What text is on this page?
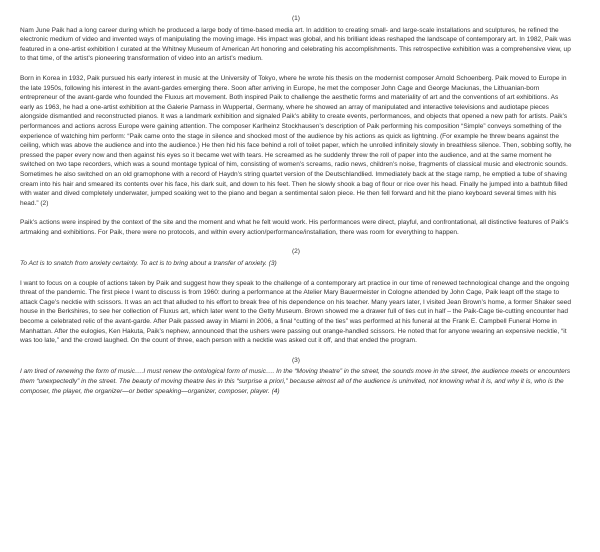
(1)

Nam June Paik had a long career during which he produced a large body of time-based media art. In addition to creating small- and large-scale installations and sculptures, he refined the electronic medium of video and invented ways of manipulating the moving image. His impact was global, and his brilliant ideas reshaped the landscape of contemporary art. In 1982, Paik was featured in a one-artist exhibition I curated at the Whitney Museum of American Art honoring and celebrating his accomplishments. This retrospective exhibition was a comprehensive view, up to that time, of the artist’s pioneering transformation of video into an artist’s medium.

Born in Korea in 1932, Paik pursued his early interest in music at the University of Tokyo, where he wrote his thesis on the modernist composer Arnold Schoenberg. Paik moved to Europe in the late 1950s, following his interest in the avant-gardes emerging there. Soon after arriving in Europe, he met the composer John Cage and George Maciunas, the Lithuanian-born entrepreneur of the avant-garde who founded the Fluxus art movement. Both inspired Paik to challenge the aesthetic forms and materiality of art and the conventions of art exhibitions. As early as 1963, he had a one-artist exhibition at the Galerie Parnass in Wuppertal, Germany, where he showed an array of manipulated and interactive televisions and audiotape pieces alongside dismantled and reconstructed pianos. It was a landmark exhibition and signaled Paik’s ability to create events, performances, and objects that opened a new path for artists. Paik’s performances and actions across Europe were gaining attention. The composer Karlheinz Stockhausen’s description of Paik performing his composition “Simple” conveys something of the experience of watching him perform: “Paik came onto the stage in silence and shocked most of the audience by his actions as quick as lightning. (For example he threw beans against the ceiling, which was above the audience and into the audience.) He then hid his face behind a roll of toilet paper, which he unrolled infinitely slowly in breathless silence. Then, sobbing softly, he pressed the paper every now and then against his eyes so it became wet with tears. He screamed as he suddenly threw the roll of paper into the audience, and at the same moment he switched on two tape recorders, which was a sound montage typical of him, consisting of women’s screams, radio news, children’s noise, fragments of classical music and electronic sounds. Sometimes he also switched on an old gramophone with a record of Haydn’s string quartet version of the Deutschlandlied. Immediately back at the stage ramp, he emptied a tube of shaving cream into his hair and smeared its contents over his face, his dark suit, and down to his feet. Then he slowly shook a bag of flour or rice over his head. Finally he jumped into a bathtub filled with water and dived completely underwater, jumped soaking wet to the piano and began a sentimental salon piece. He then fell forward and hit the piano keyboard several times with his head.” (2)

Paik’s actions were inspired by the context of the site and the moment and what he felt would work. His performances were direct, playful, and confrontational, all distinctive features of Paik’s artmaking and exhibitions. For Paik, there were no protocols, and within every action/performance/installation, there was room for everything to happen.

(2)

To Act is to snatch from anxiety certainty. To act is to bring about a transfer of anxiety. (3)

I want to focus on a couple of actions taken by Paik and suggest how they speak to the challenge of a contemporary art practice in our time of renewed technological change and the ongoing threat of the pandemic. The first piece I want to discuss is from 1960: during a performance at the Atelier Mary Bauermeister in Cologne attended by John Cage, Paik leapt off the stage to attack Cage’s necktie with scissors. It was an act that alluded to his effort to break free of his dependence on his teacher. Many years later, I visited Jean Brown’s home, a former Shaker seed house in the Berkshires, to see her collection of Fluxus art, which later went to the Getty Museum. Brown showed me a drawer full of ties cut in half – the Paik-Cage tie-cutting encounter had become a celebrated relic of the avant-garde. After Paik passed away in Miami in 2006, a final “cutting of the ties” was performed at his funeral at the Frank E. Campbell Funeral Home in Manhattan. After the eulogies, Ken Hakuta, Paik’s nephew, announced that the ushers were passing out orange-handled scissors. He noted that for anyone wearing an expensive necktie, “it was too late,” and the crowd laughed. On the count of three, each person with a necktie was asked cut it off, and that ended the program.

(3)

I am tired of renewing the form of music….I must renew the ontological form of music…. In the “Moving theatre” in the street, the sounds move in the street, the audience meets or encounters them “unexpectedly” in the street. The beauty of moving theatre lies in this “surprise a priori,” because almost all of the audience is uninvited, not knowing what it is, and why it is, who is the composer, the player, the organizer—or better speaking—organizer, composer, player. (4)
